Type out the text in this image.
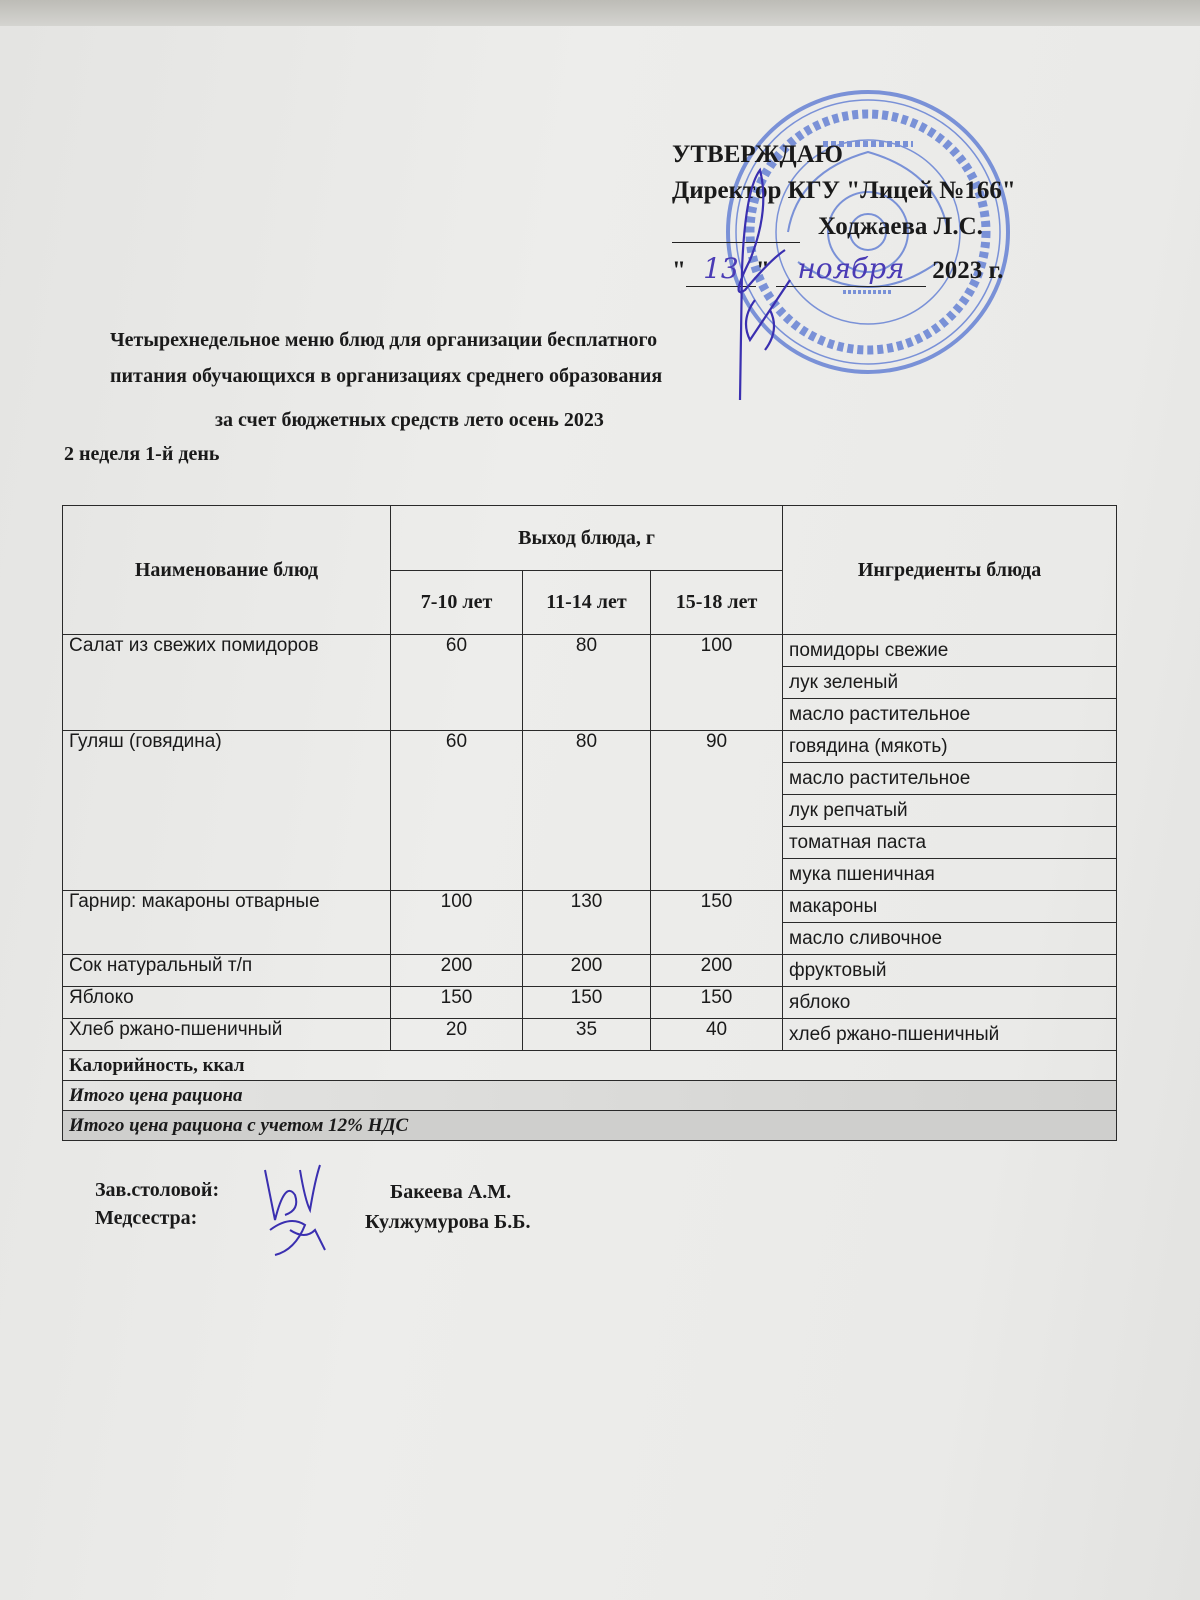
УТВЕРЖДАЮ
Директор КГУ "Лицей №166"
Ходжаева Л.С.
" 13 " ноября 2023 г.
Четырехнедельное меню блюд для организации бесплатного
питания обучающихся в организациях среднего образования
за счет бюджетных средств лето осень 2023
2 неделя 1-й день
Наименование блюд	Выход блюда, г			Ингредиенты блюда
	7-10 лет	11-14 лет	15-18 лет	
Салат из свежих помидоров	60	80	100	помидоры свежие
				лук зеленый
				масло растительное
Гуляш (говядина)	60	80	90	говядина (мякоть)
				масло растительное
				лук репчатый
				томатная паста
				мука пшеничная
Гарнир: макароны отварные	100	130	150	макароны
				масло сливочное
Сок натуральный т/п	200	200	200	фруктовый
Яблоко	150	150	150	яблоко
Хлеб ржано-пшеничный	20	35	40	хлеб ржано-пшеничный
Калорийность, ккал				
Итого цена рациона				
Итого цена рациона с учетом 12% НДС				
Зав.столовой:	Бакеева А.М.
Медсестра:	Кулжумурова Б.Б.
